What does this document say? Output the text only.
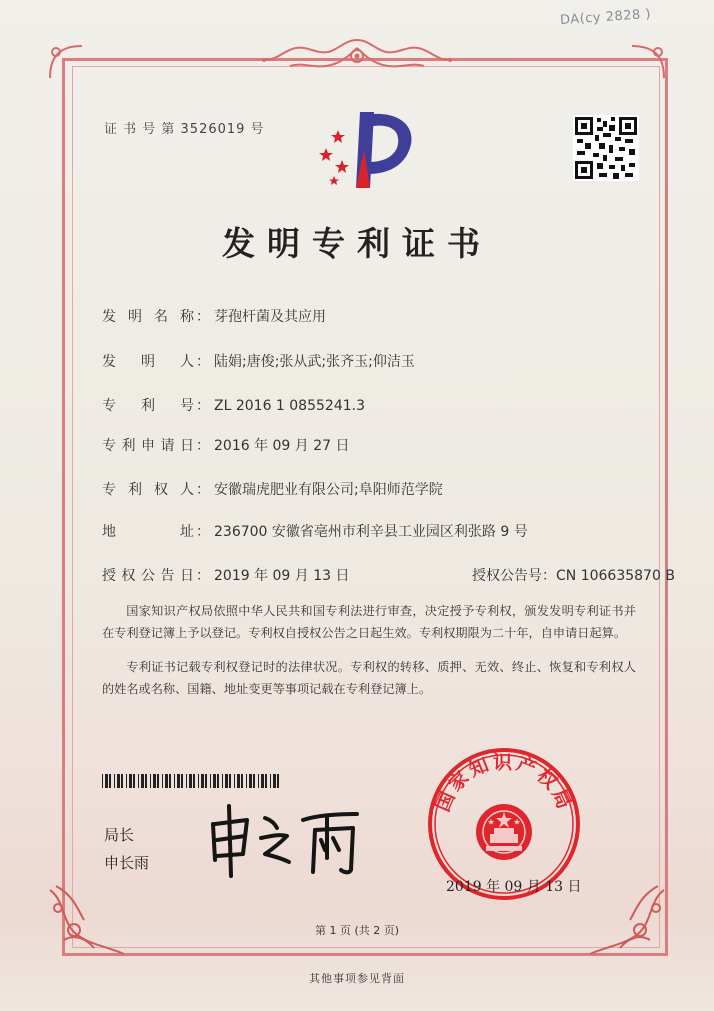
DA(cy 2828 )
证 书 号 第 3526019 号
发明专利证书
发 明 名 称 ： 芽孢杆菌及其应用
发 明 人 ： 陆娟;唐俊;张从武;张齐玉;仰洁玉
专 利 号 ： ZL 2016 1 0855241.3
专利申请日 ： 2016 年 09 月 27 日
专 利 权 人 ： 安徽瑞虎肥业有限公司;阜阳师范学院
地 址 ： 236700 安徽省亳州市利辛县工业园区利张路 9 号
授权公告日 ： 2019 年 09 月 13 日	授权公告号：CN 106635870 B
国家知识产权局依照中华人民共和国专利法进行审查，决定授予专利权，颁发发明专利证书并在专利登记簿上予以登记。专利权自授权公告之日起生效。专利权期限为二十年，自申请日起算。
专利证书记载专利权登记时的法律状况。专利权的转移、质押、无效、终止、恢复和专利权人的姓名或名称、国籍、地址变更等事项记载在专利登记簿上。
局长
申长雨
国家知识产权局
2019 年 09 月 13 日
第 1 页 (共 2 页)
其他事项参见背面
